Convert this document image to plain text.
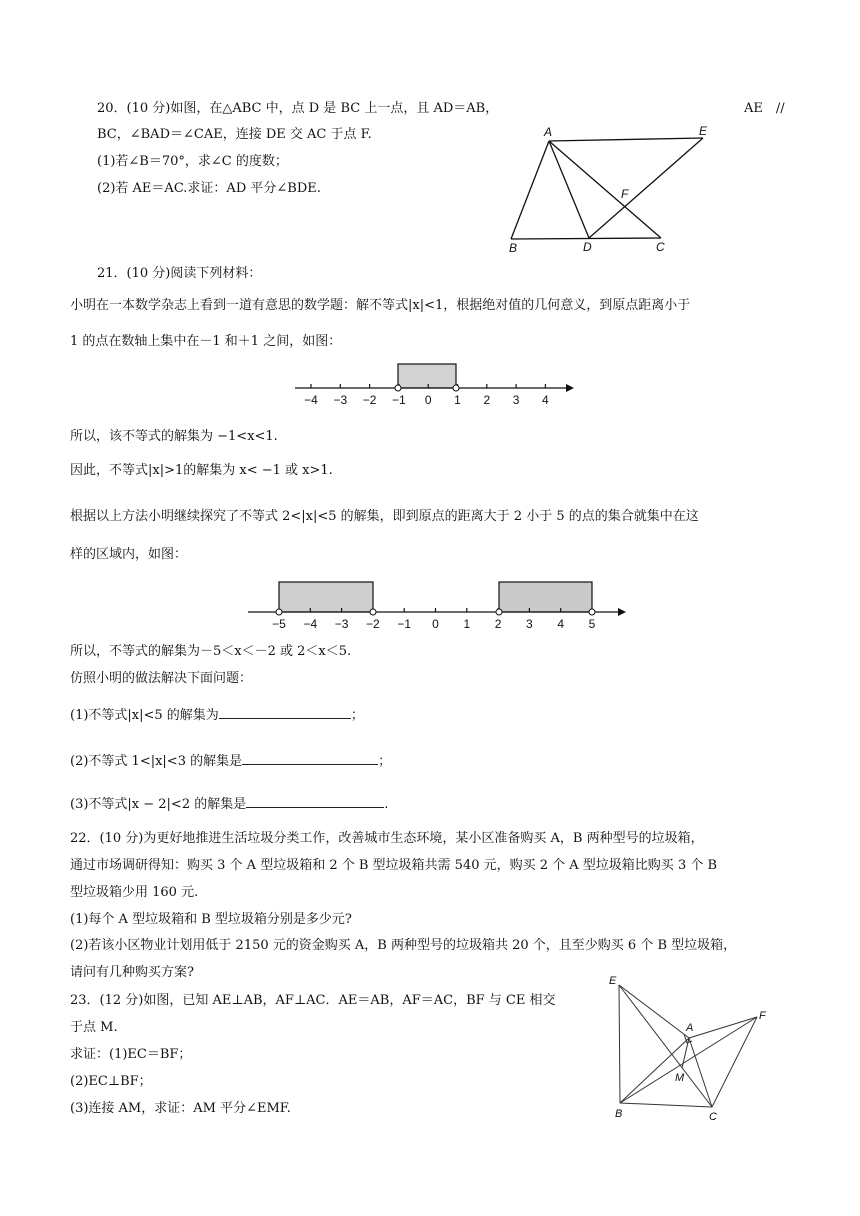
20．(10 分)如图，在△ABC 中，点 D 是 BC 上一点，且 AD＝AB，	AE　//
BC，∠BAD＝∠CAE，连接 DE 交 AC 于点 F.
(1)若∠B＝70°，求∠C 的度数；
(2)若 AE＝AC.求证：AD 平分∠BDE.
A	E
F
B	D	C
21．(10 分)阅读下列材料：
小明在一本数学杂志上看到一道有意思的数学题：解不等式|x|<1，根据绝对值的几何意义，到原点距离小于
1 的点在数轴上集中在－1 和＋1 之间，如图：
−4 −3 −2 −1 0 1 2 3 4
所以，该不等式的解集为 −1<x<1.
因此，不等式|x|>1的解集为 x< −1 或 x>1.
根据以上方法小明继续探究了不等式 2<|x|<5 的解集，即到原点的距离大于 2 小于 5 的点的集合就集中在这
样的区域内，如图：
−5 −4 −3 −2 −1 0 1 2 3 4 5
所以，不等式的解集为－5＜x＜－2 或 2＜x＜5.
仿照小明的做法解决下面问题：
(1)不等式|x|<5 的解集为	；
(2)不等式 1<|x|<3 的解集是	；
(3)不等式|x − 2|<2 的解集是	.
22．(10 分)为更好地推进生活垃圾分类工作，改善城市生态环境，某小区准备购买 A，B 两种型号的垃圾箱，
通过市场调研得知：购买 3 个 A 型垃圾箱和 2 个 B 型垃圾箱共需 540 元，购买 2 个 A 型垃圾箱比购买 3 个 B
型垃圾箱少用 160 元.
(1)每个 A 型垃圾箱和 B 型垃圾箱分别是多少元?
(2)若该小区物业计划用低于 2150 元的资金购买 A，B 两种型号的垃圾箱共 20 个，且至少购买 6 个 B 型垃圾箱，
请问有几种购买方案?
23．(12 分)如图，已知 AE⊥AB，AF⊥AC．AE＝AB，AF＝AC，BF 与 CE 相交
于点 M.
求证：(1)EC＝BF；
(2)EC⊥BF；
(3)连接 AM，求证：AM 平分∠EMF.
E
A
F
M
B	C
